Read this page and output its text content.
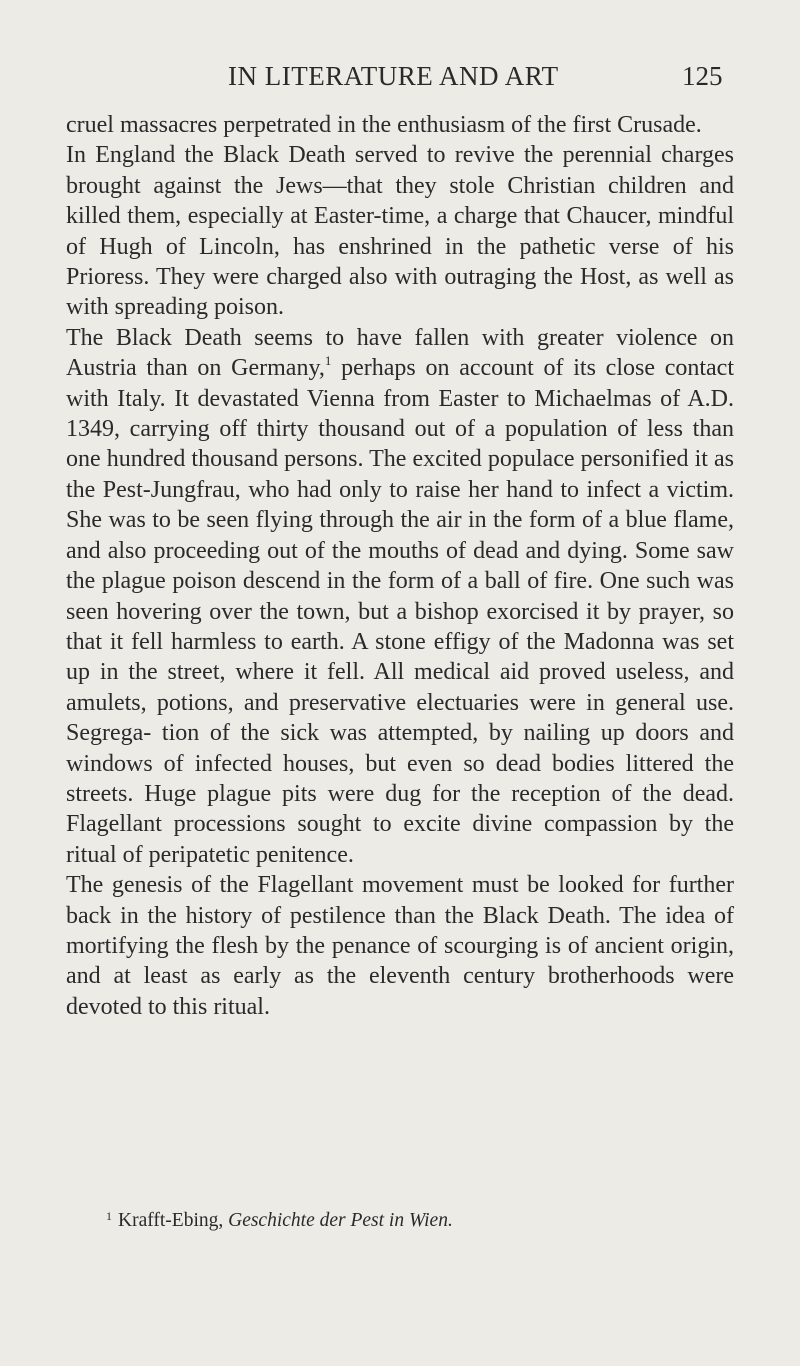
IN LITERATURE AND ART	125

cruel massacres perpetrated in the enthusiasm of the first Crusade.

In England the Black Death served to revive the perennial charges brought against the Jews—that they stole Christian children and killed them, especially at Easter-time, a charge that Chaucer, mindful of Hugh of Lincoln, has enshrined in the pathetic verse of his Prioress. They were charged also with outraging the Host, as well as with spreading poison.

The Black Death seems to have fallen with greater violence on Austria than on Germany,$^1$ perhaps on account of its close contact with Italy. It devastated Vienna from Easter to Michaelmas of A.D. 1349, carrying off thirty thousand out of a population of less than one hundred thousand persons. The excited populace personified it as the Pest-Jungfrau, who had only to raise her hand to infect a victim. She was to be seen flying through the air in the form of a blue flame, and also proceeding out of the mouths of dead and dying. Some saw the plague poison descend in the form of a ball of fire. One such was seen hovering over the town, but a bishop exorcised it by prayer, so that it fell harmless to earth. A stone effigy of the Madonna was set up in the street, where it fell. All medical aid proved useless, and amulets, potions, and preservative electuaries were in general use. Segrega- tion of the sick was attempted, by nailing up doors and windows of infected houses, but even so dead bodies littered the streets. Huge plague pits were dug for the reception of the dead. Flagellant processions sought to excite divine compassion by the ritual of peripatetic penitence.

The genesis of the Flagellant movement must be looked for further back in the history of pestilence than the Black Death. The idea of mortifying the flesh by the penance of scourging is of ancient origin, and at least as early as the eleventh century brotherhoods were devoted to this ritual.

$^1$ Krafft-Ebing, Geschichte der Pest in Wien.
